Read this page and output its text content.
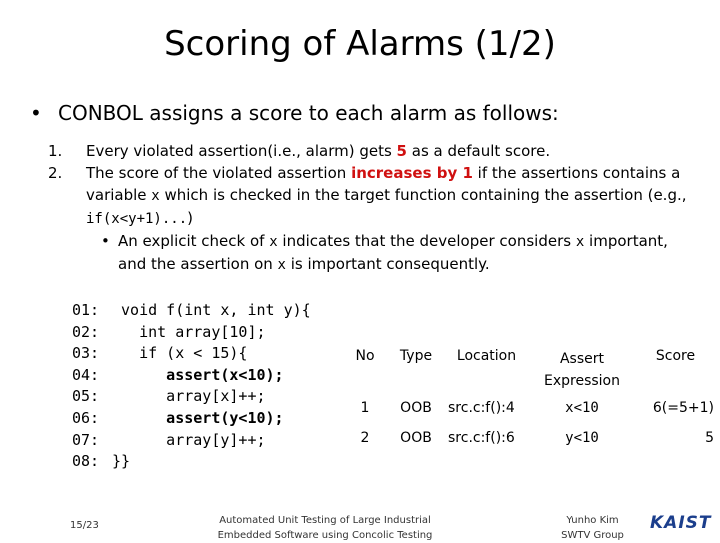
Scoring of Alarms (1/2)
• CONBOL assigns a score to each alarm as follows:
1. Every violated assertion(i.e., alarm) gets 5 as a default score.
2. The score of the violated assertion increases by 1 if the assertions contains a variable x which is checked in the target function containing the assertion (e.g., if(x<y+1)...)
• An explicit check of x indicates that the developer considers x important, and the assertion on x is important consequently.
01: void f(int x, int y){
02:   int array[10];
03:   if (x < 15){
04:      assert(x<10);
05:      array[x]++;
06:      assert(y<10);
07:      array[y]++;
08: }}
No	Type	Location	Assert Expression	Score
1	OOB	src.c:f():4	x<10	6(=5+1)
2	OOB	src.c:f():6	y<10	5
15/23	Automated Unit Testing of Large Industrial
Embedded Software using Concolic Testing
Yunho Kim
SWTV Group
KAIST
